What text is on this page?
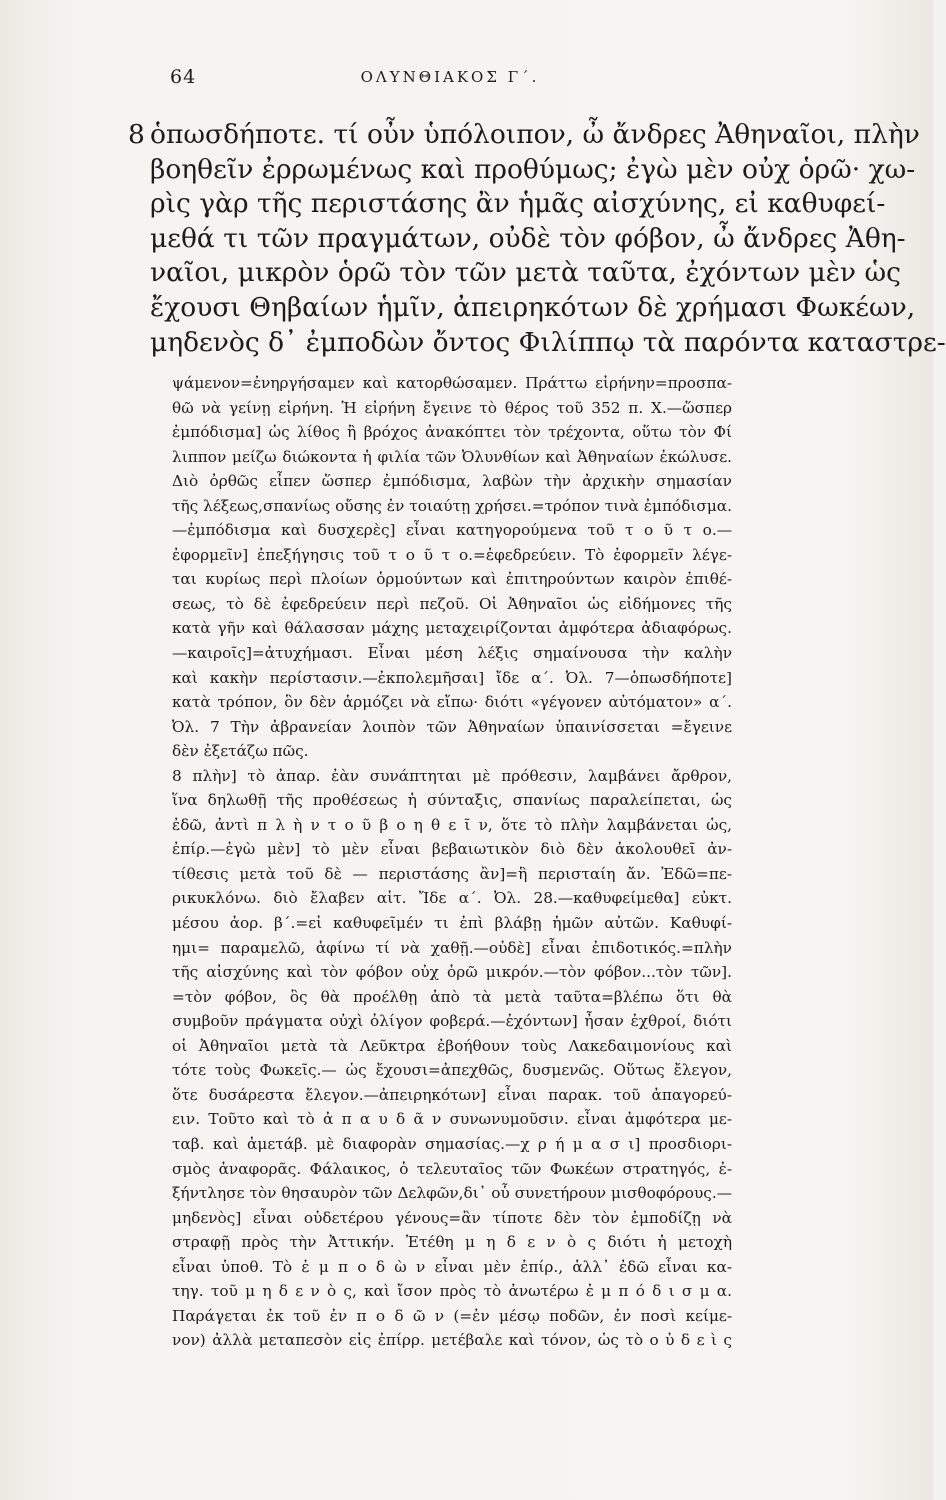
64	ΟΛΥΝΘΙΑΚΟΣ Γ΄.
8 ὁπωσδήποτε. τί οὖν ὑπόλοιπον, ὦ ἄνδρες Ἀθηναῖοι, πλὴν
βοηθεῖν ἐρρωμένως καὶ προθύμως; ἐγὼ μὲν οὐχ ὁρῶ· χω-
ρὶς γὰρ τῆς περιστάσης ἂν ἡμᾶς αἰσχύνης, εἰ καθυφεί-
μεθά τι τῶν πραγμάτων, οὐδὲ τὸν φόβον, ὦ ἄνδρες Ἀθη-
ναῖοι, μικρὸν ὁρῶ τὸν τῶν μετὰ ταῦτα, ἐχόντων μὲν ὡς
ἔχουσι Θηβαίων ἡμῖν, ἀπειρηκότων δὲ χρήμασι Φωκέων,
μηδενὸς δ᾽ ἐμποδὼν ὄντος Φιλίππῳ τὰ παρόντα καταστρε-
ψάμενον=ἐνηργήσαμεν καὶ κατορθώσαμεν. Πράττω εἰρήνην=προσπα-
θῶ νὰ γείνῃ εἰρήνη. Ἡ εἰρήνη ἔγεινε τὸ θέρος τοῦ 352 π. Χ.—ὥσπερ
ἐμπόδισμα] ὡς λίθος ἢ βρόχος ἀνακόπτει τὸν τρέχοντα, οὕτω τὸν Φί
λιππον μείζω διώκοντα ἡ φιλία τῶν Ὀλυνθίων καὶ Ἀθηναίων ἐκώλυσε.
Διὸ ὀρθῶς εἶπεν ὥσπερ ἐμπόδισμα, λαβὼν τὴν ἀρχικὴν σημασίαν
τῆς λέξεως,σπανίως οὔσης ἐν τοιαύτῃ χρήσει.=τρόπον τινὰ ἐμπόδισμα.
—ἐμπόδισμα καὶ δυσχερὲς] εἶναι κατηγορούμενα τοῦ τ ο ῦ τ ο.—
ἐφορμεῖν] ἐπεξήγησις τοῦ τ ο ῦ τ ο.=ἐφεδρεύειν. Τὸ ἐφορμεῖν λέγε-
ται κυρίως περὶ πλοίων ὁρμούντων καὶ ἐπιτηρούντων καιρὸν ἐπιθέ-
σεως, τὸ δὲ ἐφεδρεύειν περὶ πεζοῦ. Οἱ Ἀθηναῖοι ὡς εἰδήμονες τῆς
κατὰ γῆν καὶ θάλασσαν μάχης μεταχειρίζονται ἀμφότερα ἀδιαφόρως.
—καιροῖς]=ἀτυχήμασι. Εἶναι μέση λέξις σημαίνουσα τὴν καλὴν
καὶ κακὴν περίστασιν.—ἐκπολεμῆσαι] ἴδε α΄. Ὀλ. 7—ὁπωσδήποτε]
κατὰ τρόπον, ὃν δὲν ἁρμόζει νὰ εἴπω· διότι «γέγονεν αὐτόματον» α΄.
Ὀλ. 7 Τὴν ἀβρανείαν λοιπὸν τῶν Ἀθηναίων ὑπαινίσσεται =ἔγεινε
δὲν ἐξετάζω πῶς.
8 πλὴν] τὸ ἀπαρ. ἐὰν συνάπτηται μὲ πρόθεσιν, λαμβάνει ἄρθρον,
ἵνα δηλωθῇ τῆς προθέσεως ἡ σύνταξις, σπανίως παραλείπεται, ὡς
ἐδῶ, ἀντὶ π λ ὴ ν τ ο ῦ β ο η θ ε ῖ ν, ὅτε τὸ πλὴν λαμβάνεται ὡς,
ἐπίρ.—ἐγὼ μὲν] τὸ μὲν εἶναι βεβαιωτικὸν διὸ δὲν ἀκολουθεῖ ἀν-
τίθεσις μετὰ τοῦ δὲ — περιστάσης ἂν]=ἣ περισταίη ἄν. Ἐδῶ=πε-
ρικυκλόνω. διὸ ἔλαβεν αἰτ. Ἴδε α΄. Ὀλ. 28.—καθυφείμεθα] εὐκτ.
μέσου ἀορ. β΄.=εἰ καθυφεῖμέν τι ἐπὶ βλάβῃ ἡμῶν αὐτῶν. Καθυφί-
ημι= παραμελῶ, ἀφίνω τί νὰ χαθῇ.—οὐδὲ] εἶναι ἐπιδοτικός.=πλὴν
τῆς αἰσχύνης καὶ τὸν φόβον οὐχ ὁρῶ μικρόν.—τὸν φόβον...τὸν τῶν].
=τὸν φόβον, ὃς θὰ προέλθῃ ἀπὸ τὰ μετὰ ταῦτα=βλέπω ὅτι θὰ
συμβοῦν πράγματα οὐχὶ ὀλίγον φοβερά.—ἐχόντων] ἦσαν ἐχθροί, διότι
οἱ Ἀθηναῖοι μετὰ τὰ Λεῦκτρα ἐβοήθουν τοὺς Λακεδαιμονίους καὶ
τότε τοὺς Φωκεῖς.— ὡς ἔχουσι=ἀπεχθῶς, δυσμενῶς. Οὕτως ἔλεγον,
ὅτε δυσάρεστα ἔλεγον.—ἀπειρηκότων] εἶναι παρακ. τοῦ ἀπαγορεύ-
ειν. Τοῦτο καὶ τὸ ἀ π α υ δ ᾶ ν συνωνυμοῦσιν. εἶναι ἀμφότερα με-
ταβ. καὶ ἀμετάβ. μὲ διαφορὰν σημασίας.—χ ρ ή μ α σ ι] προσδιορι-
σμὸς ἀναφορᾶς. Φάλαικος, ὁ τελευταῖος τῶν Φωκέων στρατηγός, ἐ-
ξήντλησε τὸν θησαυρὸν τῶν Δελφῶν,δι᾽ οὗ συνετήρουν μισθοφόρους.—
μηδενὸς] εἶναι οὐδετέρου γένους=ἂν τίποτε δὲν τὸν ἐμποδίζῃ νὰ
στραφῇ πρὸς τὴν Ἀττικήν. Ἐτέθη μ η δ ε ν ὸ ς διότι ἡ μετοχὴ
εἶναι ὑποθ. Τὸ ἐ μ π ο δ ὼ ν εἶναι μὲν ἐπίρ., ἀλλ᾽ ἐδῶ εἶναι κα-
τηγ. τοῦ μ η δ ε ν ὸ ς, καὶ ἴσον πρὸς τὸ ἀνωτέρω ἐ μ π ό δ ι σ μ α.
Παράγεται ἐκ τοῦ ἐν π ο δ ῶ ν (=ἐν μέσῳ ποδῶν, ἐν ποσὶ κείμε-
νον) ἀλλὰ μεταπεσὸν εἰς ἐπίρρ. μετέβαλε καὶ τόνον, ὡς τὸ ο ὐ δ ε ὶ ς
